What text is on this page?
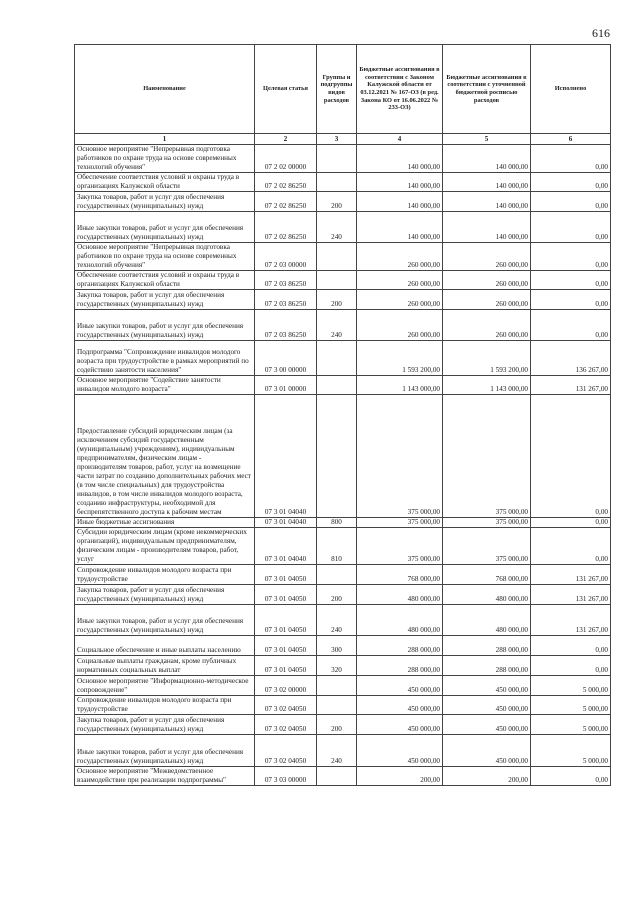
616
Наименование	Целевая статья	Группы и подгруппы видов расходов	Бюджетные ассигнования в соответствии с Законом Калужской области от 03.12.2021 № 167-ОЗ (в ред. Закона КО от 16.06.2022 № 233-ОЗ)	Бюджетные ассигнования в соответствии с уточненной бюджетной росписью расходов	Исполнено
1	2	3	4	5	6
Основное мероприятие "Непрерывная подготовка работников по охране труда на основе современных технологий обучения"	07 2 02 00000		140 000,00	140 000,00	0,00
Обеспечение соответствия условий и охраны труда в организациях Калужской области	07 2 02 86250		140 000,00	140 000,00	0,00
Закупка товаров, работ и услуг для обеспечения государственных (муниципальных) нужд	07 2 02 86250	200	140 000,00	140 000,00	0,00
Иные закупки товаров, работ и услуг для обеспечения государственных (муниципальных) нужд	07 2 02 86250	240	140 000,00	140 000,00	0,00
Основное мероприятие "Непрерывная подготовка работников по охране труда на основе современных технологий обучения"	07 2 03 00000		260 000,00	260 000,00	0,00
Обеспечение соответствия условий и охраны труда в организациях Калужской области	07 2 03 86250		260 000,00	260 000,00	0,00
Закупка товаров, работ и услуг для обеспечения государственных (муниципальных) нужд	07 2 03 86250	200	260 000,00	260 000,00	0,00
Иные закупки товаров, работ и услуг для обеспечения государственных (муниципальных) нужд	07 2 03 86250	240	260 000,00	260 000,00	0,00
Подпрограмма "Сопровождение инвалидов молодого возраста при трудоустройстве в рамках мероприятий по содействию занятости населения"	07 3 00 00000		1 593 200,00	1 593 200,00	136 267,00
Основное мероприятие "Содействие занятости инвалидов молодого возраста"	07 3 01 00000		1 143 000,00	1 143 000,00	131 267,00
Предоставление субсидий юридическим лицам (за исключением субсидий государственным (муниципальным) учреждениям), индивидуальным предпринимателям, физическим лицам - производителям товаров, работ, услуг на возмещение части затрат по созданию дополнительных рабочих мест (в том числе специальных) для трудоустройства инвалидов, в том числе инвалидов молодого возраста, созданию инфраструктуры, необходимой для беспрепятственного доступа к рабочим местам	07 3 01 04040		375 000,00	375 000,00	0,00
Иные бюджетные ассигнования	07 3 01 04040	800	375 000,00	375 000,00	0,00
Субсидии юридическим лицам (кроме некоммерческих организаций), индивидуальным предпринимателям, физическим лицам - производителям товаров, работ, услуг	07 3 01 04040	810	375 000,00	375 000,00	0,00
Сопровождение инвалидов молодого возраста при трудоустройстве	07 3 01 04050		768 000,00	768 000,00	131 267,00
Закупка товаров, работ и услуг для обеспечения государственных (муниципальных) нужд	07 3 01 04050	200	480 000,00	480 000,00	131 267,00
Иные закупки товаров, работ и услуг для обеспечения государственных (муниципальных) нужд	07 3 01 04050	240	480 000,00	480 000,00	131 267,00
Социальное обеспечение и иные выплаты населению	07 3 01 04050	300	288 000,00	288 000,00	0,00
Социальные выплаты гражданам, кроме публичных нормативных социальных выплат	07 3 01 04050	320	288 000,00	288 000,00	0,00
Основное мероприятие "Информационно-методическое сопровождение"	07 3 02 00000		450 000,00	450 000,00	5 000,00
Сопровождение инвалидов молодого возраста при трудоустройстве	07 3 02 04050		450 000,00	450 000,00	5 000,00
Закупка товаров, работ и услуг для обеспечения государственных (муниципальных) нужд	07 3 02 04050	200	450 000,00	450 000,00	5 000,00
Иные закупки товаров, работ и услуг для обеспечения государственных (муниципальных) нужд	07 3 02 04050	240	450 000,00	450 000,00	5 000,00
Основное мероприятие "Межведомственное взаимодействие при реализации подпрограммы"	07 3 03 00000		200,00	200,00	0,00
